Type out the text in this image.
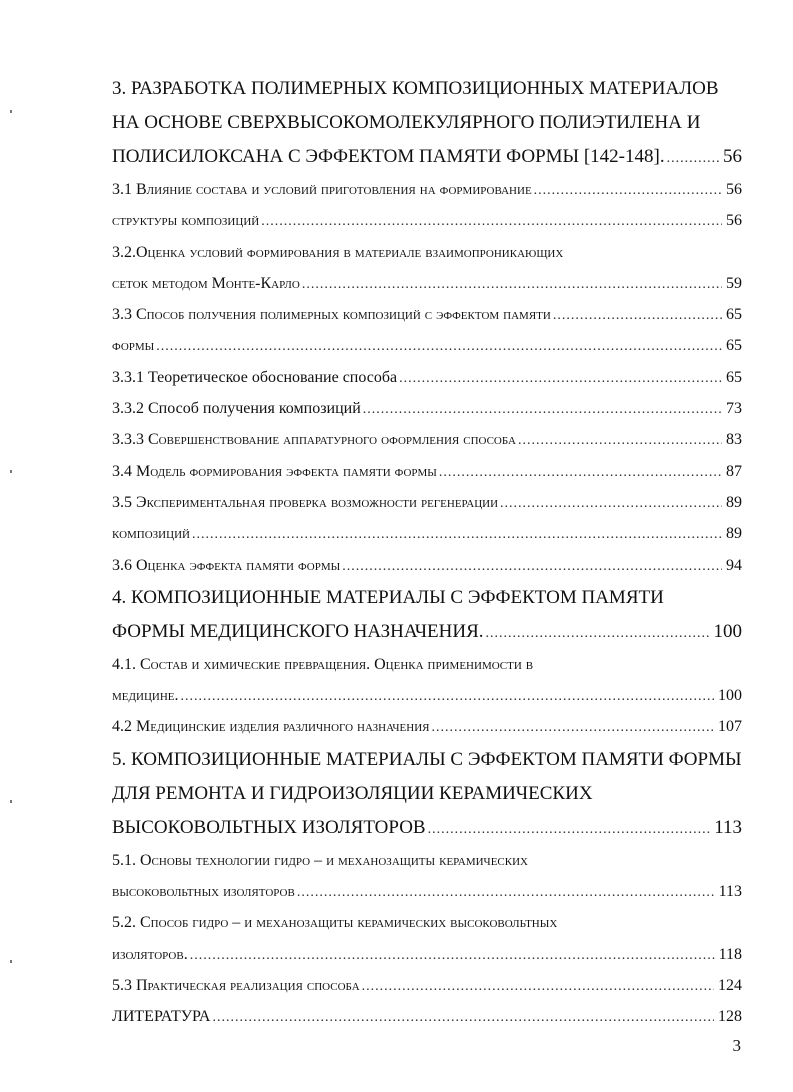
3. РАЗРАБОТКА ПОЛИМЕРНЫХ КОМПОЗИЦИОННЫХ МАТЕРИАЛОВ
НА ОСНОВЕ СВЕРХВЫСОКОМОЛЕКУЛЯРНОГО ПОЛИЭТИЛЕНА И
ПОЛИСИЛОКСАНА С ЭФФЕКТОМ ПАМЯТИ ФОРМЫ [142-148]. .....	56
3.1 Влияние состава и условий приготовления на формирование .....	56
структуры композиций .....	56
3.2.Оценка условий формирования в материале взаимопроникающих
сеток методом Монте-Карло .....	59
3.3 Способ получения полимерных композиций с эффектом памяти .....	65
формы .....	65
3.3.1 Теоретическое обоснование способа .....	65
3.3.2 Способ получения композиций .....	73
3.3.3 Совершенствование аппаратурного оформления способа .....	83
3.4 Модель формирования эффекта памяти формы .....	87
3.5 Экспериментальная проверка возможности регенерации .....	89
композиций .....	89
3.6 Оценка эффекта памяти формы .....	94
4. КОМПОЗИЦИОННЫЕ МАТЕРИАЛЫ С ЭФФЕКТОМ ПАМЯТИ
ФОРМЫ МЕДИЦИНСКОГО НАЗНАЧЕНИЯ. .....	100
4.1. Состав и химические превращения. Оценка применимости в
медицине. .....	100
4.2 Медицинские изделия различного назначения .....	107
5. КОМПОЗИЦИОННЫЕ МАТЕРИАЛЫ С ЭФФЕКТОМ ПАМЯТИ ФОРМЫ
ДЛЯ РЕМОНТА И ГИДРОИЗОЛЯЦИИ КЕРАМИЧЕСКИХ
ВЫСОКОВОЛЬТНЫХ ИЗОЛЯТОРОВ .....	113
5.1. Основы технологии гидро – и механозащиты керамических
высоковольтных изоляторов .....	113
5.2. Способ гидро – и механозащиты керамических высоковольтных
изоляторов. .....	118
5.3 Практическая реализация способа .....	124
ЛИТЕРАТУРА .....	128
3
